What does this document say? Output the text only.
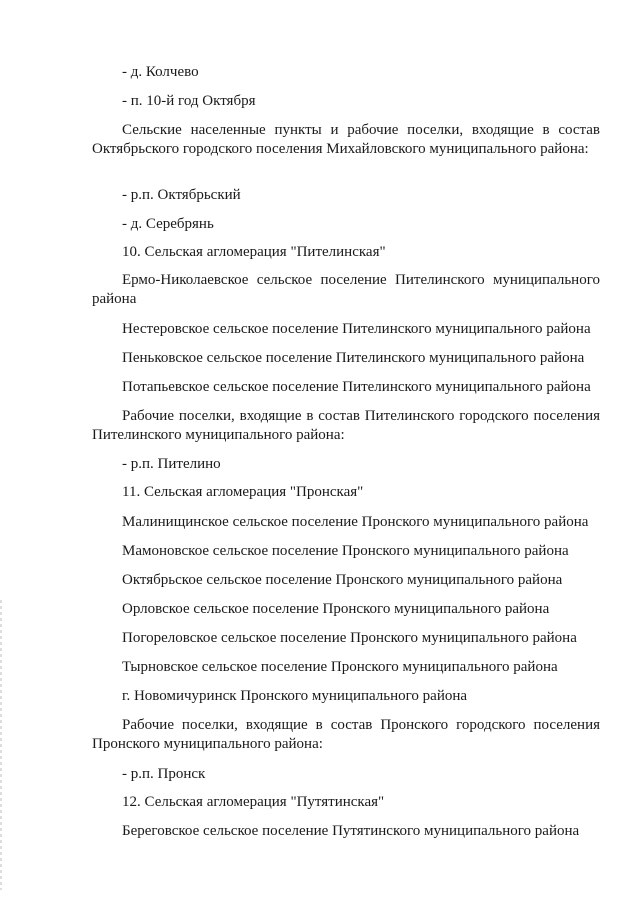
- д. Колчево

- п. 10-й год Октября

Сельские населенные пункты и рабочие поселки, входящие в состав Октябрьского городского поселения Михайловского муниципального района:

- р.п. Октябрьский

- д. Серебрянь

10. Сельская агломерация "Пителинская"

Ермо-Николаевское сельское поселение Пителинского муниципального района

Нестеровское сельское поселение Пителинского муниципального района

Пеньковское сельское поселение Пителинского муниципального района

Потапьевское сельское поселение Пителинского муниципального района

Рабочие поселки, входящие в состав Пителинского городского поселения Пителинского муниципального района:

- р.п. Пителино

11. Сельская агломерация "Пронская"

Малинищинское сельское поселение Пронского муниципального района

Мамоновское сельское поселение Пронского муниципального района

Октябрьское сельское поселение Пронского муниципального района

Орловское сельское поселение Пронского муниципального района

Погореловское сельское поселение Пронского муниципального района

Тырновское сельское поселение Пронского муниципального района

г. Новомичуринск Пронского муниципального района

Рабочие поселки, входящие в состав Пронского городского поселения Пронского муниципального района:

- р.п. Пронск

12. Сельская агломерация "Путятинская"

Береговское сельское поселение Путятинского муниципального района
